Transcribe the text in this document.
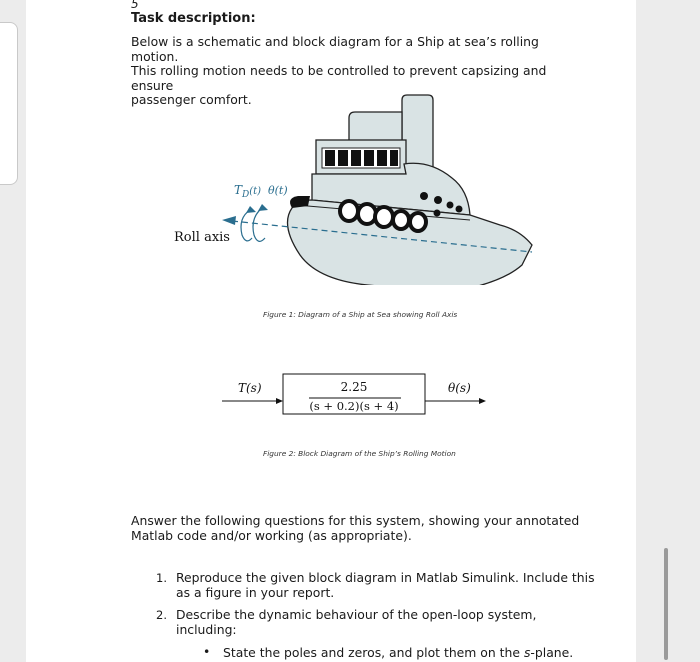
5
Task description:
Below is a schematic and block diagram for a Ship at sea’s rolling motion.
This rolling motion needs to be controlled to prevent capsizing and ensure
passenger comfort.
Roll axis
$T_D^{(t)}$ θ(t)
Figure 1: Diagram of a Ship at Sea showing Roll Axis
2.25
(s + 0.2)(s + 4)
T(s)	θ(s)
Figure 2: Block Diagram of the Ship’s Rolling Motion
Answer the following questions for this system, showing your annotated
Matlab code and/or working (as appropriate).
1. Reproduce the given block diagram in Matlab Simulink. Include this
as a figure in your report.
2. Describe the dynamic behaviour of the open-loop system,
including:
• State the poles and zeros, and plot them on the s-plane.
